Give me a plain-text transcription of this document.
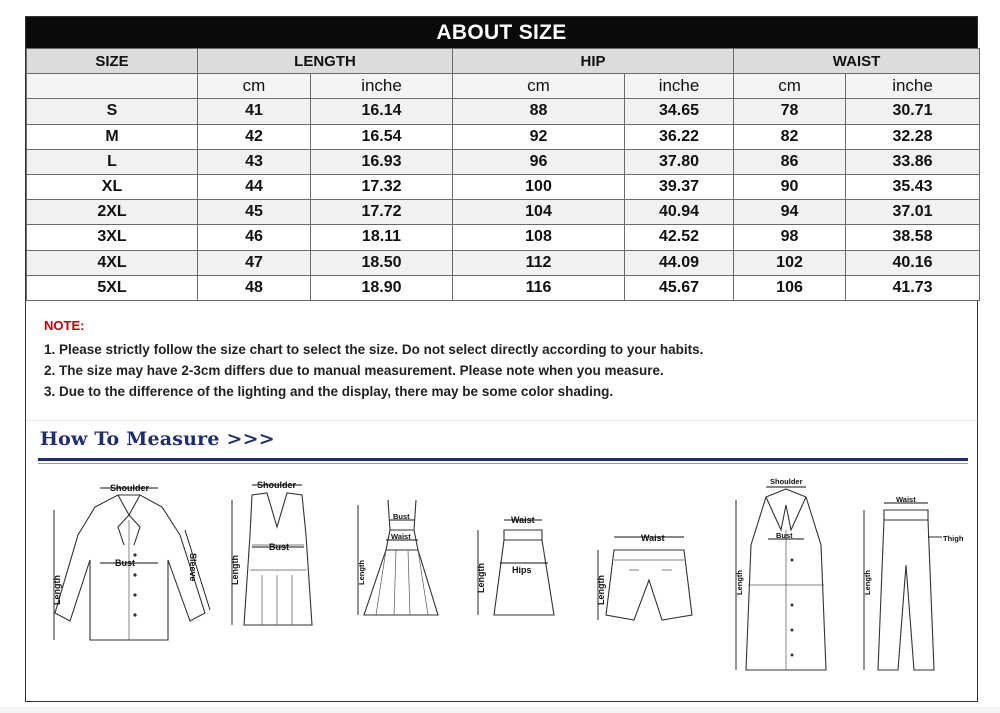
ABOUT SIZE
SIZE	LENGTH		HIP		WAIST	
	cm	inche	cm	inche	cm	inche
S	41	16.14	88	34.65	78	30.71
M	42	16.54	92	36.22	82	32.28
L	43	16.93	96	37.80	86	33.86
XL	44	17.32	100	39.37	90	35.43
2XL	45	17.72	104	40.94	94	37.01
3XL	46	18.11	108	42.52	98	38.58
4XL	47	18.50	112	44.09	102	40.16
5XL	48	18.90	116	45.67	106	41.73
NOTE:
1. Please strictly follow the size chart to select the size. Do not select directly according to your habits.
2. The size may have 2-3cm differs due to manual measurement. Please note when you measure.
3. Due to the difference of the lighting and the display, there may be some color shading.
How To Measure >>>
Shoulder
Bust
Length
Sleeve
Shoulder
Bust
Length
Bust
Waist
Length
Waist
Hips
Length
Waist
Length
Shoulder
Bust
Length
Waist
Thigh
Length
